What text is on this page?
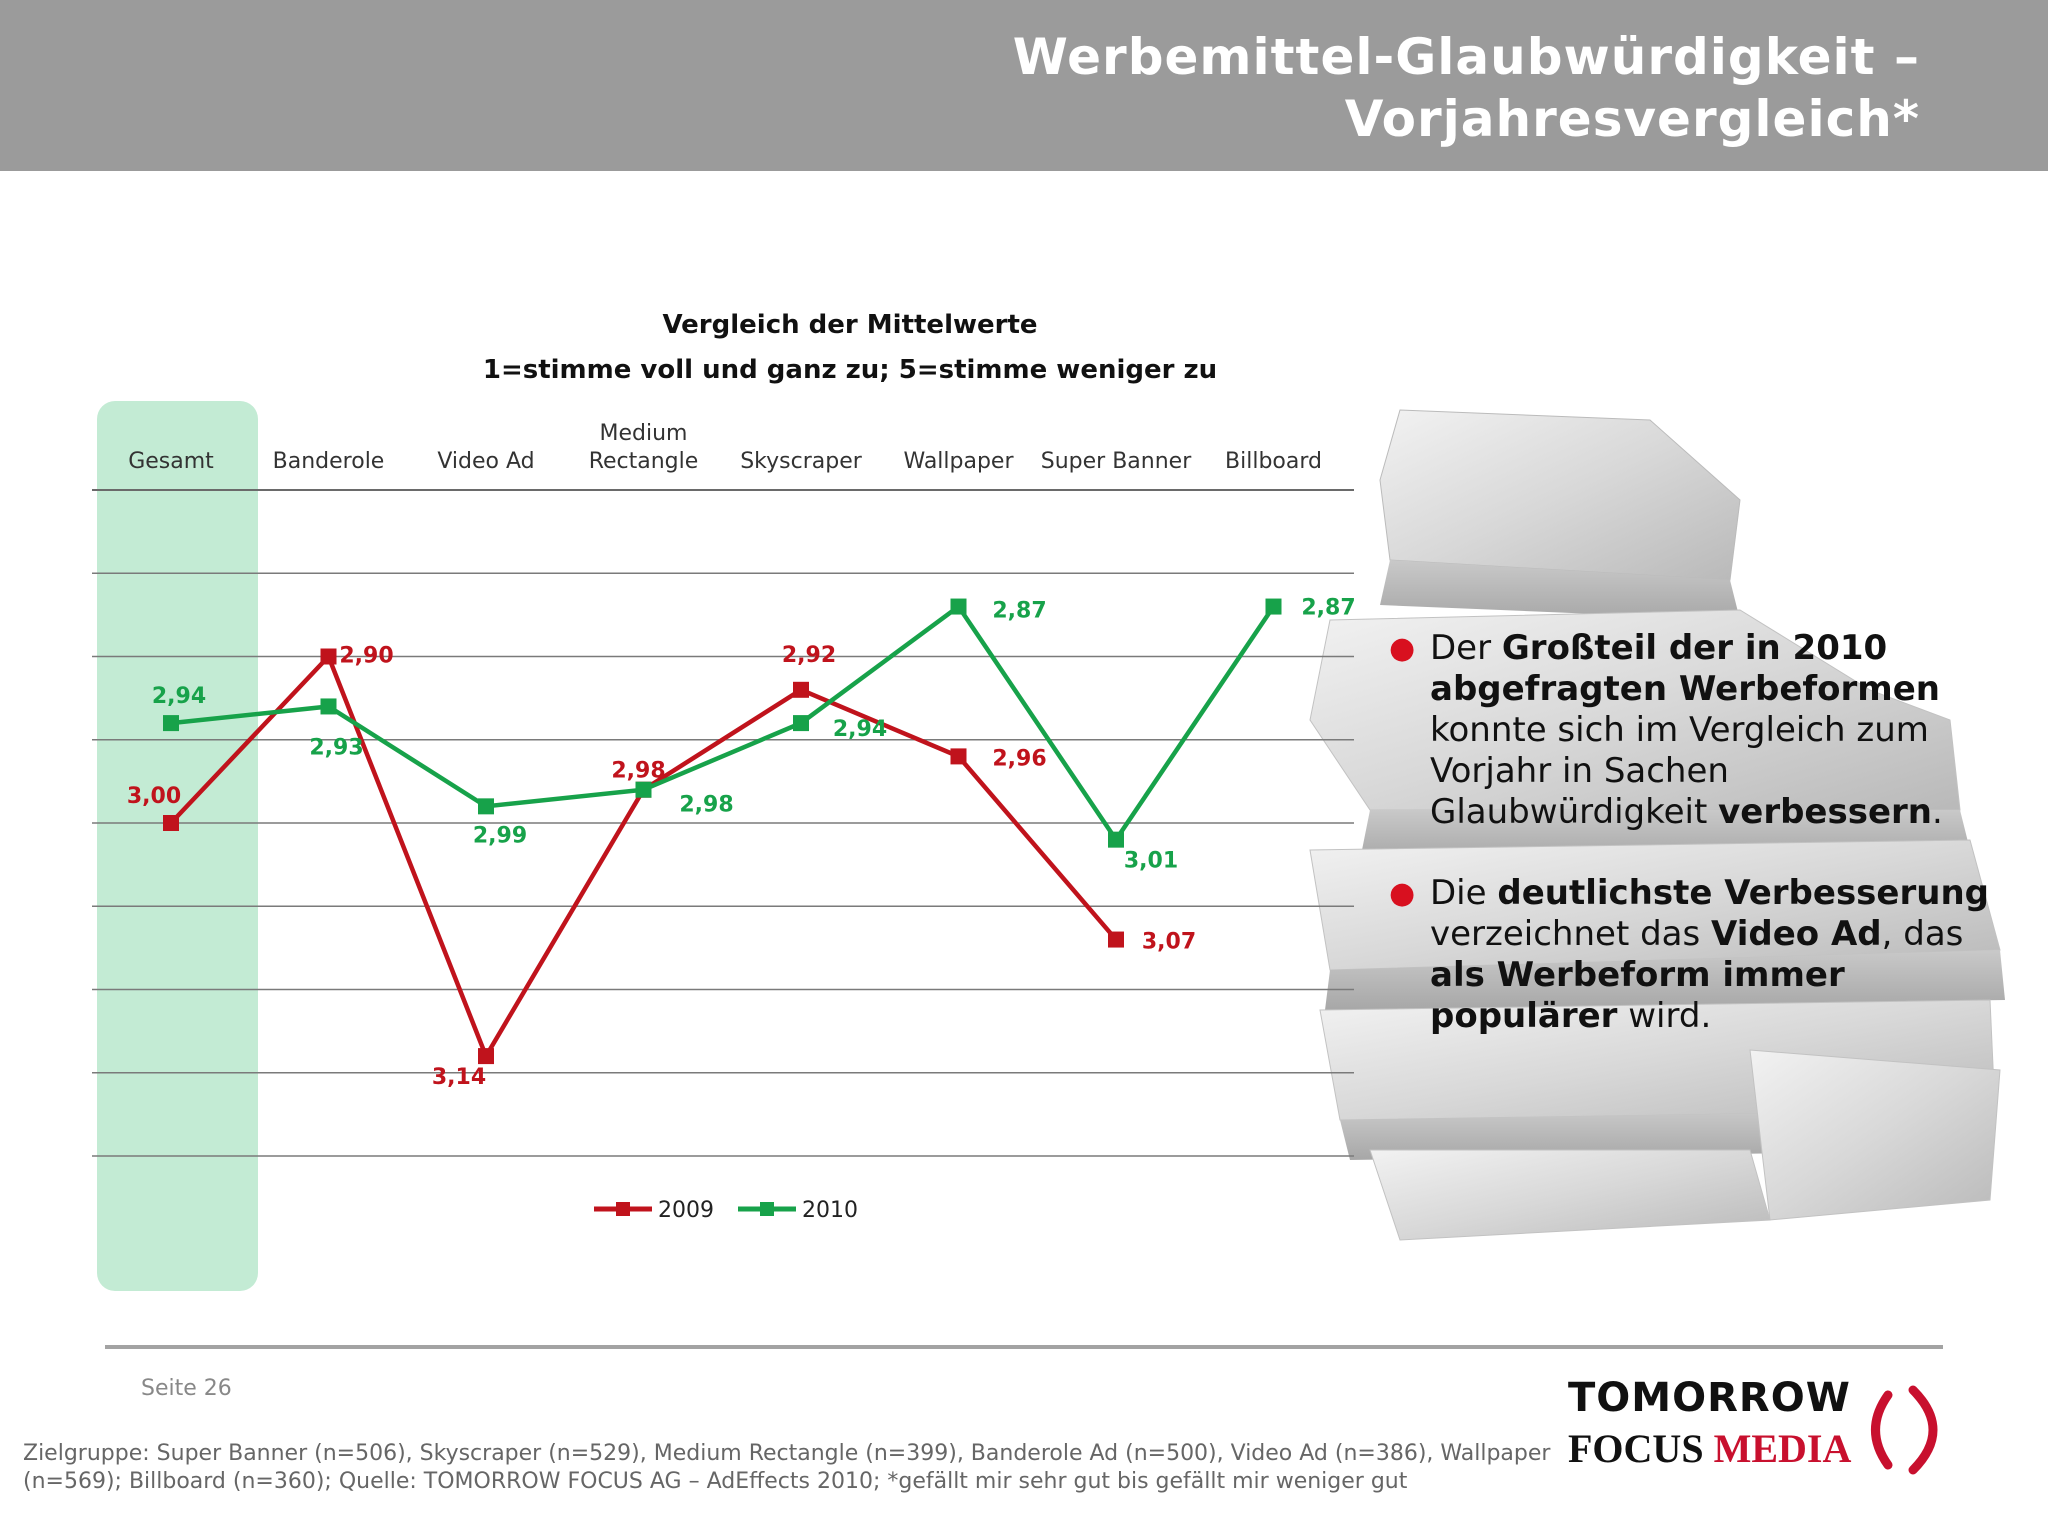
Werbemittel-Glaubwürdigkeit –
Vorjahresvergleich*
Vergleich der Mittelwerte
1=stimme voll und ganz zu; 5=stimme weniger zu
Gesamt	Banderole Video Ad
Medium
Rectangle Skyscraper Wallpaper Super Banner Billboard
3,00
2,90
3,14
2,98
2,92
2,96
3,07
2,94
2,93
2,99
2,98
2,94
2,87
3,01
2,87
2009	2010
● Der Großteil der in 2010 abgefragten Werbeformen konnte sich im Vergleich zum Vorjahr in Sachen Glaubwürdigkeit verbessern.
● Die deutlichste Verbesserung verzeichnet das Video Ad, das als Werbeform immer populärer wird.
Seite 26
Zielgruppe: Super Banner (n=506), Skyscraper (n=529), Medium Rectangle (n=399), Banderole Ad (n=500), Video Ad (n=386), Wallpaper (n=569); Billboard (n=360); Quelle: TOMORROW FOCUS AG – AdEffects 2010; *gefällt mir sehr gut bis gefällt mir weniger gut
TOMORROW
FOCUS MEDIA
